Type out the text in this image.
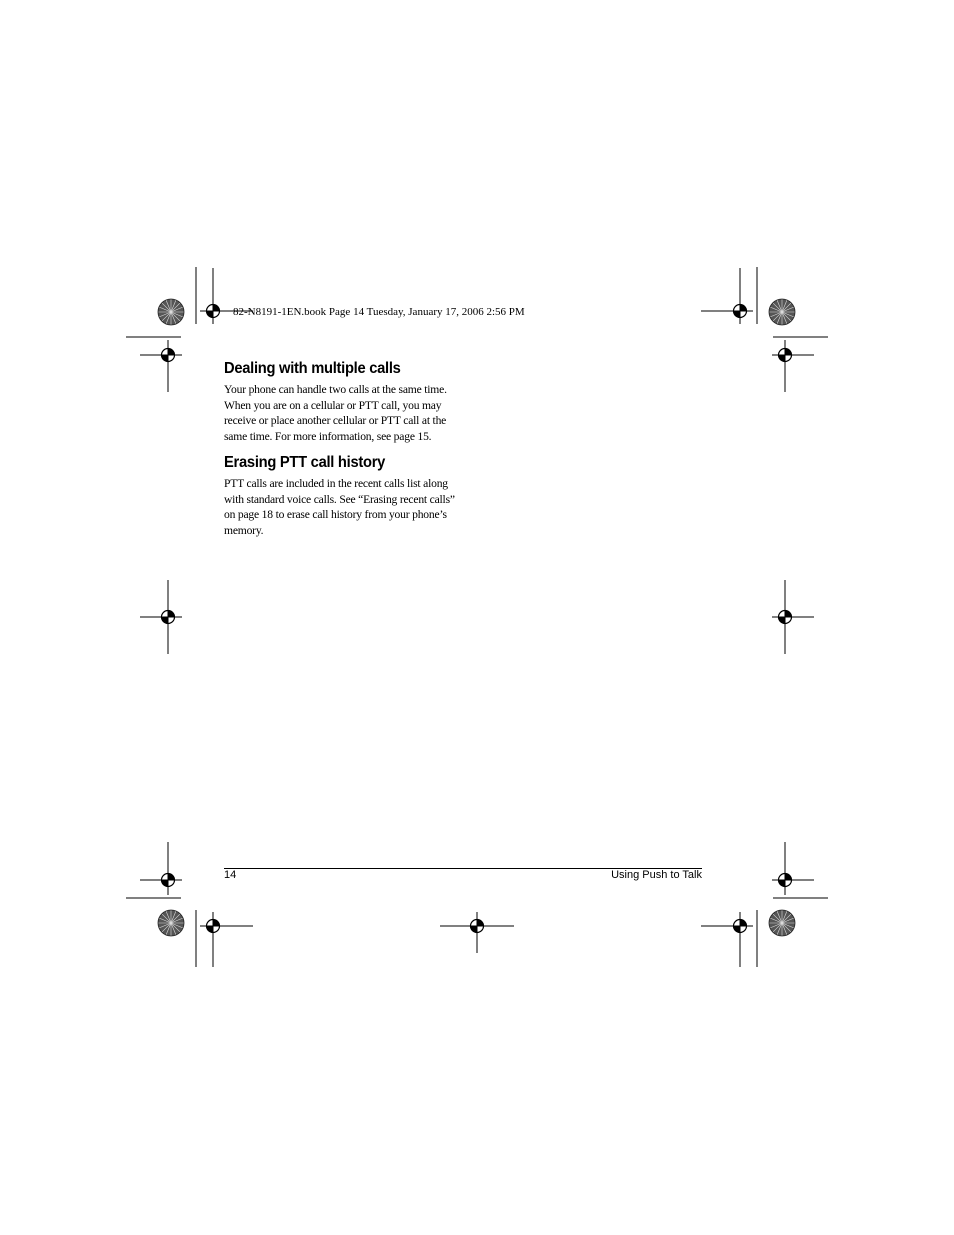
82-N8191-1EN.book Page 14 Tuesday, January 17, 2006 2:56 PM
Dealing with multiple calls

Your phone can handle two calls at the same time. When you are on a cellular or PTT call, you may receive or place another cellular or PTT call at the same time. For more information, see page 15.

Erasing PTT call history

PTT calls are included in the recent calls list along with standard voice calls. See “Erasing recent calls” on page 18 to erase call history from your phone’s memory.

14	Using Push to Talk
